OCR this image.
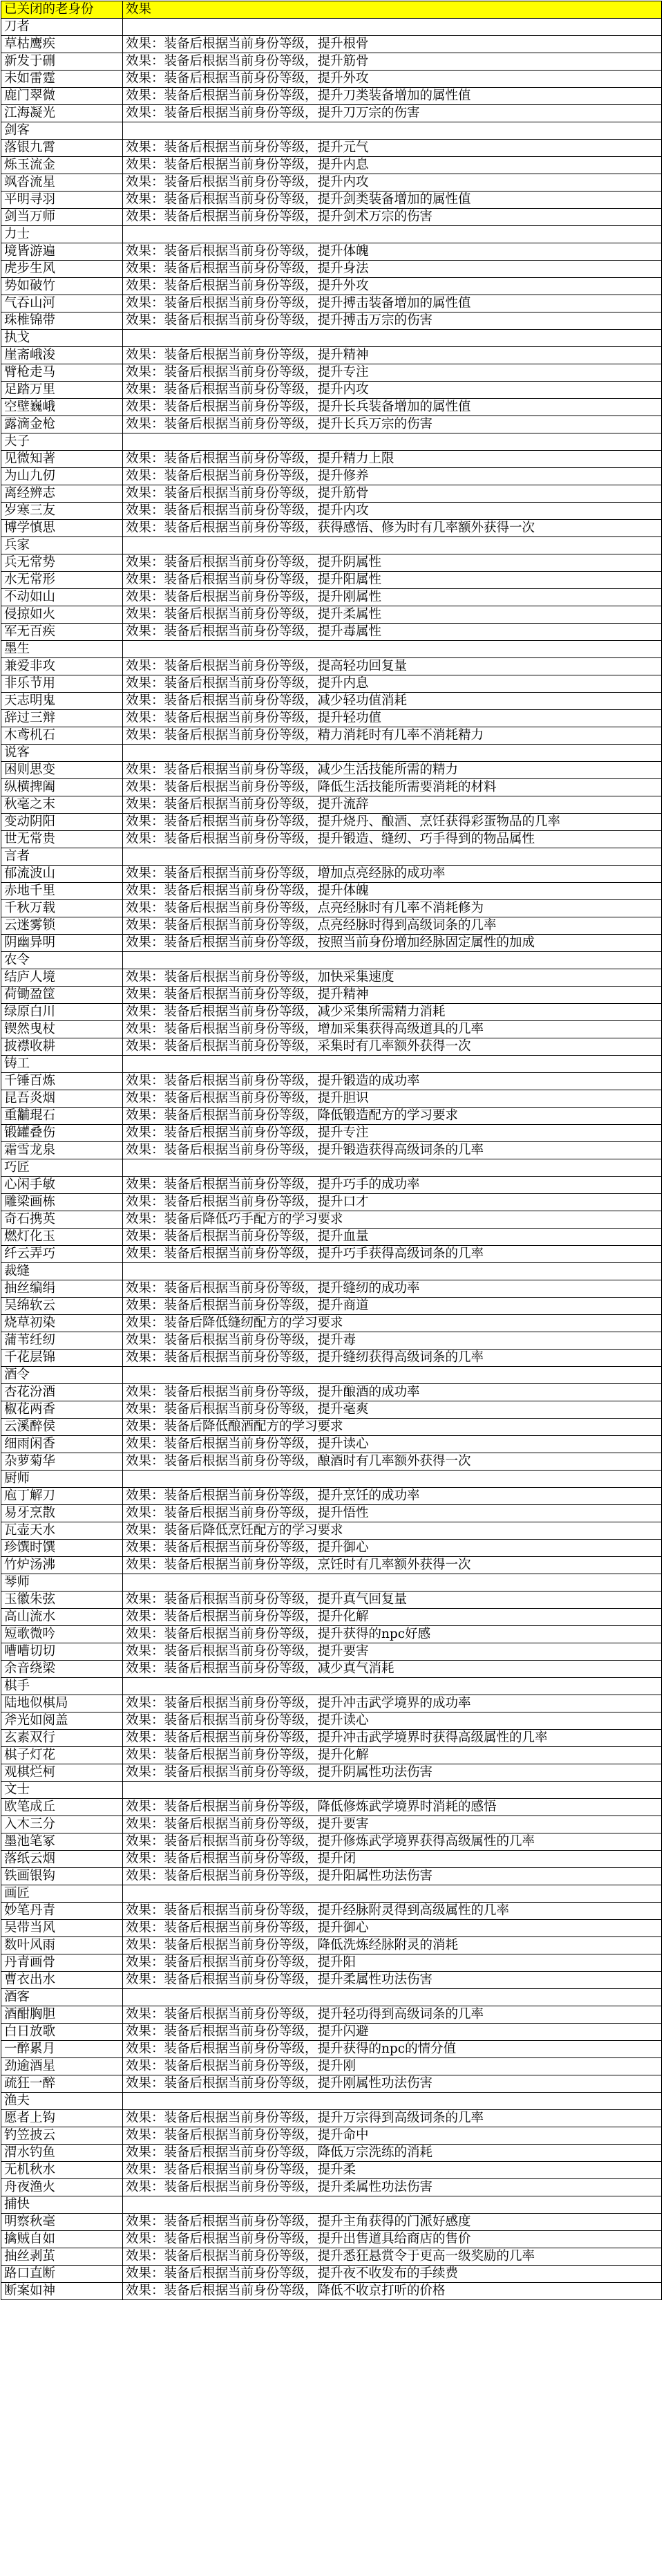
已关闭的老身份	效果
刀者	
草枯鹰疾	效果：装备后根据当前身份等级，提升根骨
新发于硎	效果：装备后根据当前身份等级，提升筋骨
未如雷霆	效果：装备后根据当前身份等级，提升外攻
鹿门翠微	效果：装备后根据当前身份等级，提升刀类装备增加的属性值
江海凝光	效果：装备后根据当前身份等级，提升刀万宗的伤害
剑客	
落银九霄	效果：装备后根据当前身份等级，提升元气
烁玉流金	效果：装备后根据当前身份等级，提升内息
飒沓流星	效果：装备后根据当前身份等级，提升内攻
平明寻羽	效果：装备后根据当前身份等级，提升剑类装备增加的属性值
剑当万师	效果：装备后根据当前身份等级，提升剑术万宗的伤害
力士	
境皆游遍	效果：装备后根据当前身份等级，提升体魄
虎步生风	效果：装备后根据当前身份等级，提升身法
势如破竹	效果：装备后根据当前身份等级，提升外攻
气吞山河	效果：装备后根据当前身份等级，提升搏击装备增加的属性值
珠椎锦带	效果：装备后根据当前身份等级，提升搏击万宗的伤害
执戈	
崖斋峨浚	效果：装备后根据当前身份等级，提升精神
臂枪走马	效果：装备后根据当前身份等级，提升专注
足踏万里	效果：装备后根据当前身份等级，提升内攻
空壁巍峨	效果：装备后根据当前身份等级，提升长兵装备增加的属性值
露滴金枪	效果：装备后根据当前身份等级，提升长兵万宗的伤害
夫子	
见微知著	效果：装备后根据当前身份等级，提升精力上限
为山九仞	效果：装备后根据当前身份等级，提升修养
离经辨志	效果：装备后根据当前身份等级，提升筋骨
岁寒三友	效果：装备后根据当前身份等级，提升内攻
博学慎思	效果：装备后根据当前身份等级，获得感悟、修为时有几率额外获得一次
兵家	
兵无常势	效果：装备后根据当前身份等级，提升阴属性
水无常形	效果：装备后根据当前身份等级，提升阳属性
不动如山	效果：装备后根据当前身份等级，提升刚属性
侵掠如火	效果：装备后根据当前身份等级，提升柔属性
军无百疾	效果：装备后根据当前身份等级，提升毒属性
墨生	
兼爱非攻	效果：装备后根据当前身份等级，提高轻功回复量
非乐节用	效果：装备后根据当前身份等级，提升内息
天志明鬼	效果：装备后根据当前身份等级，减少轻功值消耗
辞过三辩	效果：装备后根据当前身份等级，提升轻功值
木鸢机石	效果：装备后根据当前身份等级，精力消耗时有几率不消耗精力
说客	
困则思变	效果：装备后根据当前身份等级，减少生活技能所需的精力
纵横捭阖	效果：装备后根据当前身份等级，降低生活技能所需要消耗的材料
秋毫之末	效果：装备后根据当前身份等级，提升流辞
变动阴阳	效果：装备后根据当前身份等级，提升烧丹、酿酒、烹饪获得彩蛋物品的几率
世无常贵	效果：装备后根据当前身份等级，提升锻造、缝纫、巧手得到的物品属性
言者	
郁流波山	效果：装备后根据当前身份等级，增加点亮经脉的成功率
赤地千里	效果：装备后根据当前身份等级，提升体魄
千秋万载	效果：装备后根据当前身份等级，点亮经脉时有几率不消耗修为
云迷雾锁	效果：装备后根据当前身份等级，点亮经脉时得到高级词条的几率
阴幽异明	效果：装备后根据当前身份等级，按照当前身份增加经脉固定属性的加成
农令	
结庐人境	效果：装备后根据当前身份等级，加快采集速度
荷锄盈筐	效果：装备后根据当前身份等级，提升精神
绿原白川	效果：装备后根据当前身份等级，减少采集所需精力消耗
锲然曳杖	效果：装备后根据当前身份等级，增加采集获得高级道具的几率
披襟收耕	效果：装备后根据当前身份等级，采集时有几率额外获得一次
铸工	
千锤百炼	效果：装备后根据当前身份等级，提升锻造的成功率
昆吾炎烟	效果：装备后根据当前身份等级，提升胆识
重黼琨石	效果：装备后根据当前身份等级，降低锻造配方的学习要求
锻罐叠伤	效果：装备后根据当前身份等级，提升专注
霜雪龙泉	效果：装备后根据当前身份等级，提升锻造获得高级词条的几率
巧匠	
心闲手敏	效果：装备后根据当前身份等级，提升巧手的成功率
雕梁画栋	效果：装备后根据当前身份等级，提升口才
奇石携英	效果：装备后降低巧手配方的学习要求
燃灯化玉	效果：装备后根据当前身份等级，提升血量
纤云弄巧	效果：装备后根据当前身份等级，提升巧手获得高级词条的几率
裁缝	
抽丝编绢	效果：装备后根据当前身份等级，提升缝纫的成功率
吴绵软云	效果：装备后根据当前身份等级，提升商道
烧草初染	效果：装备后降低缝纫配方的学习要求
蒲苇纴纫	效果：装备后根据当前身份等级，提升毒
千花层锦	效果：装备后根据当前身份等级，提升缝纫获得高级词条的几率
酒令	
杏花汾酒	效果：装备后根据当前身份等级，提升酿酒的成功率
椒花两香	效果：装备后根据当前身份等级，提升毫爽
云溪醉侯	效果：装备后降低酿酒配方的学习要求
细雨闲香	效果：装备后根据当前身份等级，提升读心
杂萝菊华	效果：装备后根据当前身份等级，酿酒时有几率额外获得一次
厨师	
庖丁解刀	效果：装备后根据当前身份等级，提升烹饪的成功率
易牙烹散	效果：装备后根据当前身份等级，提升悟性
瓦壶天水	效果：装备后降低烹饪配方的学习要求
珍馔时馔	效果：装备后根据当前身份等级，提升御心
竹炉汤沸	效果：装备后根据当前身份等级，烹饪时有几率额外获得一次
琴师	
玉徽朱弦	效果：装备后根据当前身份等级，提升真气回复量
高山流水	效果：装备后根据当前身份等级，提升化解
短歌微吟	效果：装备后根据当前身份等级，提升获得的npc好感
嘈嘈切切	效果：装备后根据当前身份等级，提升要害
余音绕梁	效果：装备后根据当前身份等级，减少真气消耗
棋手	
陆地似棋局	效果：装备后根据当前身份等级，提升冲击武学境界的成功率
斧光如阅盖	效果：装备后根据当前身份等级，提升读心
玄素双行	效果：装备后根据当前身份等级，提升冲击武学境界时获得高级属性的几率
棋子灯花	效果：装备后根据当前身份等级，提升化解
观棋烂柯	效果：装备后根据当前身份等级，提升阴属性功法伤害
文士	
欧笔成丘	效果：装备后根据当前身份等级，降低修炼武学境界时消耗的感悟
入木三分	效果：装备后根据当前身份等级，提升要害
墨池笔冢	效果：装备后根据当前身份等级，提升修炼武学境界获得高级属性的几率
落纸云烟	效果：装备后根据当前身份等级，提升闭
铁画银钩	效果：装备后根据当前身份等级，提升阳属性功法伤害
画匠	
妙笔丹青	效果：装备后根据当前身份等级，提升经脉附灵得到高级属性的几率
吴带当风	效果：装备后根据当前身份等级，提升御心
数叶风雨	效果：装备后根据当前身份等级，降低洗炼经脉附灵的消耗
丹青画骨	效果：装备后根据当前身份等级，提升阳
曹衣出水	效果：装备后根据当前身份等级，提升柔属性功法伤害
酒客	
酒酣胸胆	效果：装备后根据当前身份等级，提升轻功得到高级词条的几率
白日放歌	效果：装备后根据当前身份等级，提升闪避
一醉累月	效果：装备后根据当前身份等级，提升获得的npc的情分值
劲逾酒星	效果：装备后根据当前身份等级，提升刚
疏狂一醉	效果：装备后根据当前身份等级，提升刚属性功法伤害
渔夫	
愿者上钩	效果：装备后根据当前身份等级，提升万宗得到高级词条的几率
钓笠披云	效果：装备后根据当前身份等级，提升命中
渭水钓鱼	效果：装备后根据当前身份等级，降低万宗洗练的消耗
无机秋水	效果：装备后根据当前身份等级，提升柔
舟夜渔火	效果：装备后根据当前身份等级，提升柔属性功法伤害
捕快	
明察秋毫	效果：装备后根据当前身份等级，提升主角获得的门派好感度
擒贼自如	效果：装备后根据当前身份等级，提升出售道具给商店的售价
抽丝剥茧	效果：装备后根据当前身份等级，提升悉狂悬赏令于更高一级奖励的几率
路口直断	效果：装备后根据当前身份等级，提升夜不收发布的手续费
断案如神	效果：装备后根据当前身份等级，降低不收京打听的价格
